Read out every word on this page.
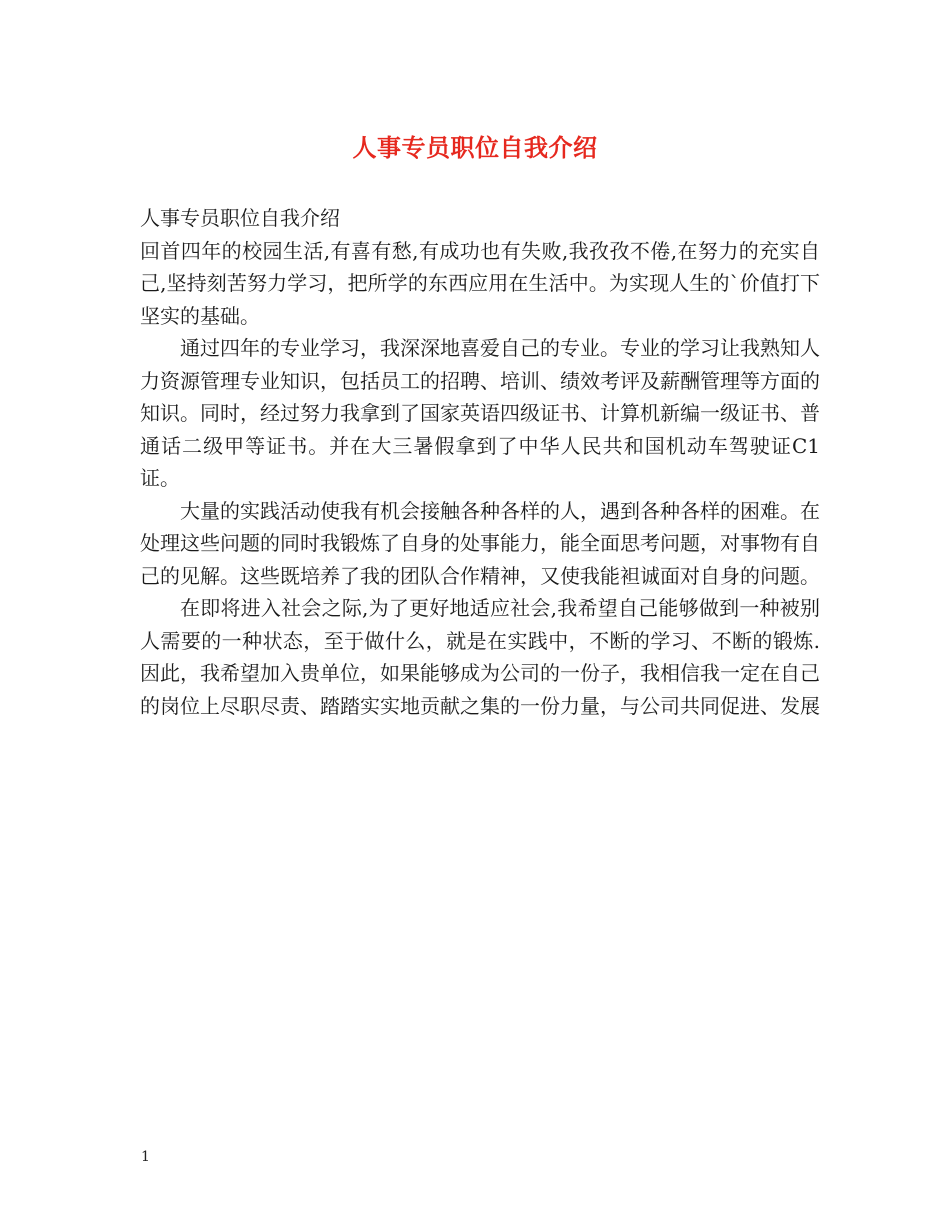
人事专员职位自我介绍

人事专员职位自我介绍

回首四年的校园生活,有喜有愁,有成功也有失败,我孜孜不倦,在努力的充实自己,坚持刻苦努力学习，把所学的东西应用在生活中。为实现人生的`价值打下坚实的基础。

通过四年的专业学习，我深深地喜爱自己的专业。专业的学习让我熟知人力资源管理专业知识，包括员工的招聘、培训、绩效考评及薪酬管理等方面的知识。同时，经过努力我拿到了国家英语四级证书、计算机新编一级证书、普通话二级甲等证书。并在大三暑假拿到了中华人民共和国机动车驾驶证C1证。

大量的实践活动使我有机会接触各种各样的人，遇到各种各样的困难。在处理这些问题的同时我锻炼了自身的处事能力，能全面思考问题，对事物有自己的见解。这些既培养了我的团队合作精神，又使我能袒诚面对自身的问题。

在即将进入社会之际,为了更好地适应社会,我希望自己能够做到一种被别人需要的一种状态，至于做什么，就是在实践中，不断的学习、不断的锻炼.因此，我希望加入贵单位，如果能够成为公司的一份子，我相信我一定在自己的岗位上尽职尽责、踏踏实实地贡献之集的一份力量，与公司共同促进、发展

1
